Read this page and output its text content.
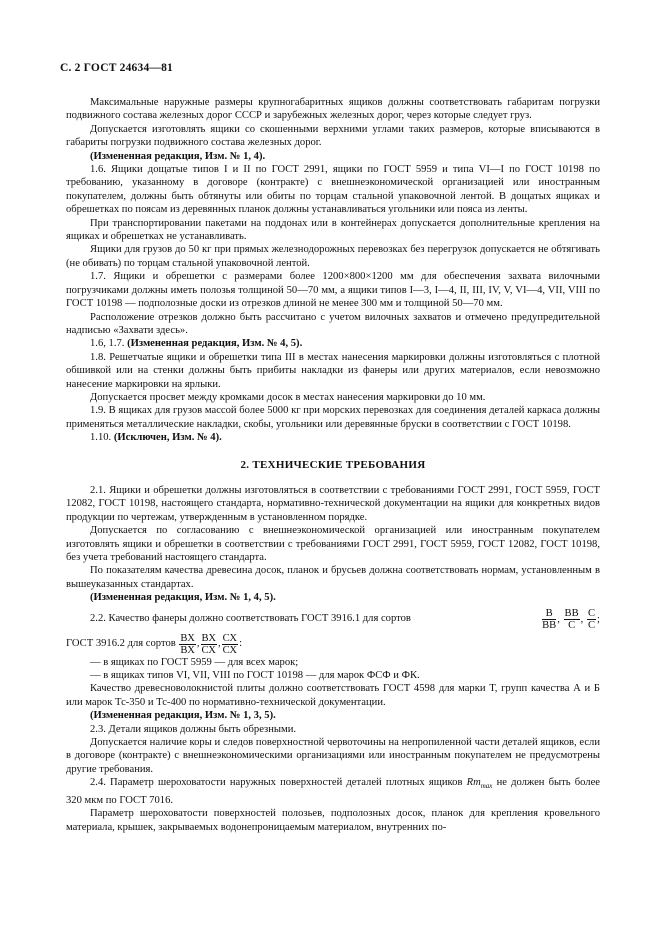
С. 2 ГОСТ 24634—81

Максимальные наружные размеры крупногабаритных ящиков должны соответствовать габаритам погрузки подвижного состава железных дорог СССР и зарубежных железных дорог, через которые следует груз.

Допускается изготовлять ящики со скошенными верхними углами таких размеров, которые вписываются в габариты погрузки подвижного состава железных дорог.

(Измененная редакция, Изм. № 1, 4).

1.6. Ящики дощатые типов I и II по ГОСТ 2991, ящики по ГОСТ 5959 и типа VI—I по ГОСТ 10198 по требованию, указанному в договоре (контракте) с внешнеэкономической организацией или иностранным покупателем, должны быть обтянуты или обиты по торцам стальной упаковочной лентой. В дощатых ящиках и обрешетках по поясам из деревянных планок должны устанавливаться угольники или пояса из ленты.

При транспортировании пакетами на поддонах или в контейнерах допускается дополнительные крепления на ящиках и обрешетках не устанавливать.

Ящики для грузов до 50 кг при прямых железнодорожных перевозках без перегрузок допускается не обтягивать (не обивать) по торцам стальной упаковочной лентой.

1.7. Ящики и обрешетки с размерами более 1200×800×1200 мм для обеспечения захвата вилочными погрузчиками должны иметь полозья толщиной 50—70 мм, а ящики типов I—3, I—4, II, III, IV, V, VI—4, VII, VIII по ГОСТ 10198 — подполозные доски из отрезков длиной не менее 300 мм и толщиной 50—70 мм.

Расположение отрезков должно быть рассчитано с учетом вилочных захватов и отмечено предупредительной надписью «Захвати здесь».

1.6, 1.7. (Измененная редакция, Изм. № 4, 5).

1.8. Решетчатые ящики и обрешетки типа III в местах нанесения маркировки должны изготовляться с плотной обшивкой или на стенки должны быть прибиты накладки из фанеры или других материалов, если невозможно нанесение маркировки на ярлыки.

Допускается просвет между кромками досок в местах нанесения маркировки до 10 мм.

1.9. В ящиках для грузов массой более 5000 кг при морских перевозках для соединения деталей каркаса должны применяться металлические накладки, скобы, угольники или деревянные бруски в соответствии с ГОСТ 10198.

1.10. (Исключен, Изм. № 4).

2. ТЕХНИЧЕСКИЕ ТРЕБОВАНИЯ

2.1. Ящики и обрешетки должны изготовляться в соответствии с требованиями ГОСТ 2991, ГОСТ 5959, ГОСТ 12082, ГОСТ 10198, настоящего стандарта, нормативно-технической документации на ящики для конкретных видов продукции по чертежам, утвержденным в установленном порядке.

Допускается по согласованию с внешнеэкономической организацией или иностранным покупателем изготовлять ящики и обрешетки в соответствии с требованиями ГОСТ 2991, ГОСТ 5959, ГОСТ 12082, ГОСТ 10198, без учета требований настоящего стандарта.

По показателям качества древесина досок, планок и брусьев должна соответствовать нормам, установленным в вышеуказанных стандартах.

(Измененная редакция, Изм. № 1, 4, 5).

2.2. Качество фанеры должно соответствовать ГОСТ 3916.1 для сортов	$\frac{В}{ВВ}$ , $\frac{ВВ}{С}$ , $\frac{С}{С}$ ;
ГОСТ 3916.2 для сортов
$\frac{ВХ}{ВХ}$ , $\frac{ВХ}{СХ}$ , $\frac{СХ}{СХ}$ :

— в ящиках по ГОСТ 5959 — для всех марок;

— в ящиках типов VI, VII, VIII по ГОСТ 10198 — для марок ФСФ и ФК.

Качество древесноволокнистой плиты должно соответствовать ГОСТ 4598 для марки Т, групп качества А и Б или марок Тс-350 и Тс-400 по нормативно-технической документации.

(Измененная редакция, Изм. № 1, 3, 5).

2.3. Детали ящиков должны быть обрезными.

Допускается наличие коры и следов поверхностной червоточины на непропиленной части деталей ящиков, если в договоре (контракте) с внешнеэкономическими организациями или иностранным покупателем не предусмотрены другие требования.

2.4. Параметр шероховатости наружных поверхностей деталей плотных ящиков $Rm_{max}$ не должен быть более 320 мкм по ГОСТ 7016.

Параметр шероховатости поверхностей полозьев, подполозных досок, планок для крепления кровельного материала, крышек, закрываемых водонепроницаемым материалом, внутренних по-
